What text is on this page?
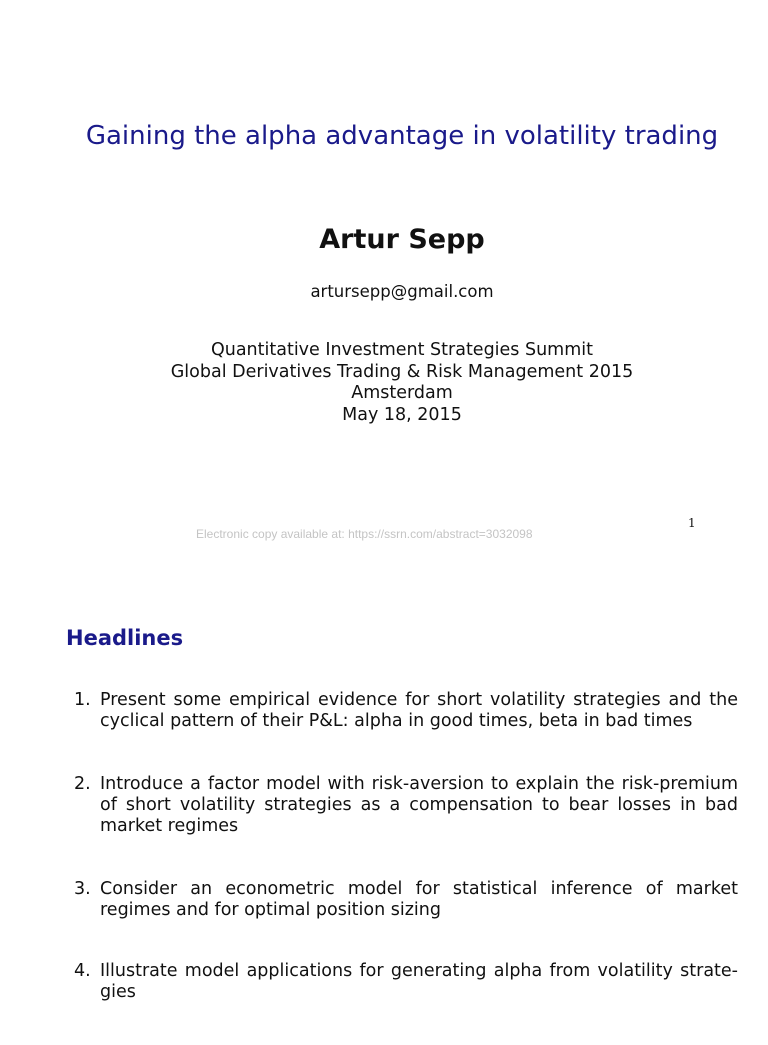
Gaining the alpha advantage in volatility trading
Artur Sepp
artursepp@gmail.com
Quantitative Investment Strategies Summit
Global Derivatives Trading & Risk Management 2015
Amsterdam
May 18, 2015
Electronic copy available at: https://ssrn.com/abstract=3032098
1
Headlines
1. Present some empirical evidence for short volatility strategies and the cyclical pattern of their P&L: alpha in good times, beta in bad times
2. Introduce a factor model with risk-aversion to explain the risk-premium of short volatility strategies as a compensation to bear losses in bad market regimes
3. Consider an econometric model for statistical inference of market regimes and for optimal position sizing
4. Illustrate model applications for generating alpha from volatility strate-gies
